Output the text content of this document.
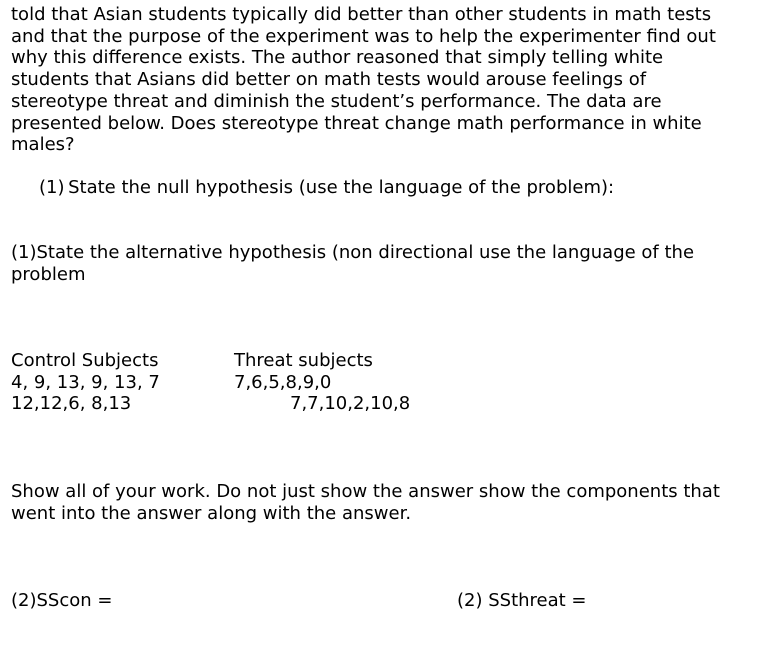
told that Asian students typically did better than other students in math tests
and that the purpose of the experiment was to help the experimenter find out
why this difference exists. The author reasoned that simply telling white
students that Asians did better on math tests would arouse feelings of
stereotype threat and diminish the student’s performance. The data are
presented below. Does stereotype threat change math performance in white
males?
(1) State the null hypothesis (use the language of the problem):
(1)State the alternative hypothesis (non directional use the language of the
problem
Control Subjects
4, 9, 13, 9, 13, 7
12,12,6, 8,13
Threat subjects
7,6,5,8,9,0
7,7,10,2,10,8
Show all of your work. Do not just show the answer show the components that
went into the answer along with the answer.
(2)SScon =	(2) SSthreat =
